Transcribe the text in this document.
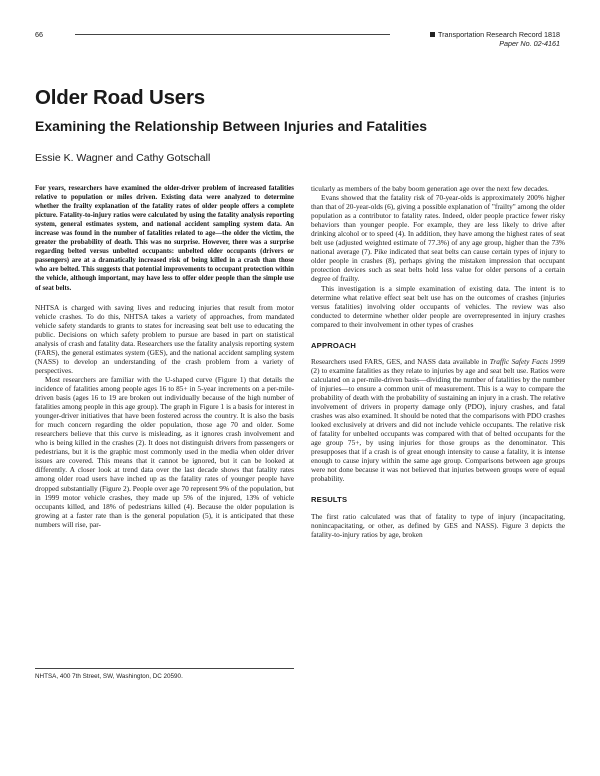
66	Transportation Research Record 1818
Paper No. 02-4161
Older Road Users
Examining the Relationship Between Injuries and Fatalities

Essie K. Wagner and Cathy Gotschall

For years, researchers have examined the older-driver problem of increased fatalities relative to population or miles driven. Existing data were analyzed to determine whether the frailty explanation of the fatality rates of older people offers a complete picture. Fatality-to-injury ratios were calculated by using the fatality analysis reporting system, general estimates system, and national accident sampling system data. An increase was found in the number of fatalities related to age—the older the victim, the greater the probability of death. This was no surprise. However, there was a surprise regarding belted versus unbelted occupants: unbelted older occupants (drivers or passengers) are at a dramatically increased risk of being killed in a crash than those who are belted. This suggests that potential improvements to occupant protection within the vehicle, although important, may have less to offer older people than the simple use of seat belts.

NHTSA is charged with saving lives and reducing injuries that result from motor vehicle crashes. To do this, NHTSA takes a variety of approaches, from mandated vehicle safety standards to grants to states for increasing seat belt use to educating the public. Decisions on which safety problem to pursue are based in part on statistical analysis of crash and fatality data. Researchers use the fatality analysis reporting system (FARS), the general estimates system (GES), and the national accident sampling system (NASS) to develop an understanding of the crash problem from a variety of perspectives.

Most researchers are familiar with the U-shaped curve (Figure 1) that details the incidence of fatalities among people ages 16 to 85+ in 5-year increments on a per-mile-driven basis (ages 16 to 19 are broken out individually because of the high number of fatalities among people in this age group). The graph in Figure 1 is a basis for interest in younger-driver initiatives that have been fostered across the country. It is also the basis for much concern regarding the older population, those age 70 and older. Some researchers believe that this curve is misleading, as it ignores crash involvement and who is being killed in the crashes (2). It does not distinguish drivers from passengers or pedestrians, but it is the graphic most commonly used in the media when older driver issues are covered. This means that it cannot be ignored, but it can be looked at differently. A closer look at trend data over the last decade shows that fatality rates among older road users have inched up as the fatality rates of younger people have dropped substantially (Figure 2). People over age 70 represent 9% of the population, but in 1999 motor vehicle crashes, they made up 5% of the injured, 13% of vehicle occupants killed, and 18% of pedestrians killed (4). Because the older population is growing at a faster rate than is the general population (5), it is anticipated that these numbers will rise, par-

NHTSA, 400 7th Street, SW, Washington, DC 20590.

ticularly as members of the baby boom generation age over the next few decades.

Evans showed that the fatality risk of 70-year-olds is approximately 200% higher than that of 20-year-olds (6), giving a possible explanation of "frailty" among the older population as a contributor to fatality rates. Indeed, older people practice fewer risky behaviors than younger people. For example, they are less likely to drive after drinking alcohol or to speed (4). In addition, they have among the highest rates of seat belt use (adjusted weighted estimate of 77.3%) of any age group, higher than the 73% national average (7). Pike indicated that seat belts can cause certain types of injury to older people in crashes (8), perhaps giving the mistaken impression that occupant protection devices such as seat belts hold less value for older persons of a certain degree of frailty.

This investigation is a simple examination of existing data. The intent is to determine what relative effect seat belt use has on the outcomes of crashes (injuries versus fatalities) involving older occupants of vehicles. The review was also conducted to determine whether older people are overrepresented in injury crashes compared to their involvement in other types of crashes

APPROACH

Researchers used FARS, GES, and NASS data available in Traffic Safety Facts 1999 (2) to examine fatalities as they relate to injuries by age and seat belt use. Ratios were calculated on a per-mile-driven basis—dividing the number of fatalities by the number of injuries—to ensure a common unit of measurement. This is a way to compare the probability of death with the probability of sustaining an injury in a crash. The relative involvement of drivers in property damage only (PDO), injury crashes, and fatal crashes was also examined. It should be noted that the comparisons with PDO crashes looked exclusively at drivers and did not include vehicle occupants. The relative risk of fatality for unbelted occupants was compared with that of belted occupants for the age group 75+, by using injuries for those groups as the denominator. This presupposes that if a crash is of great enough intensity to cause a fatality, it is intense enough to cause injury within the same age group. Comparisons between age groups were not done because it was not believed that injuries between groups were of equal probability.

RESULTS

The first ratio calculated was that of fatality to type of injury (incapacitating, nonincapacitating, or other, as defined by GES and NASS). Figure 3 depicts the fatality-to-injury ratios by age, broken
